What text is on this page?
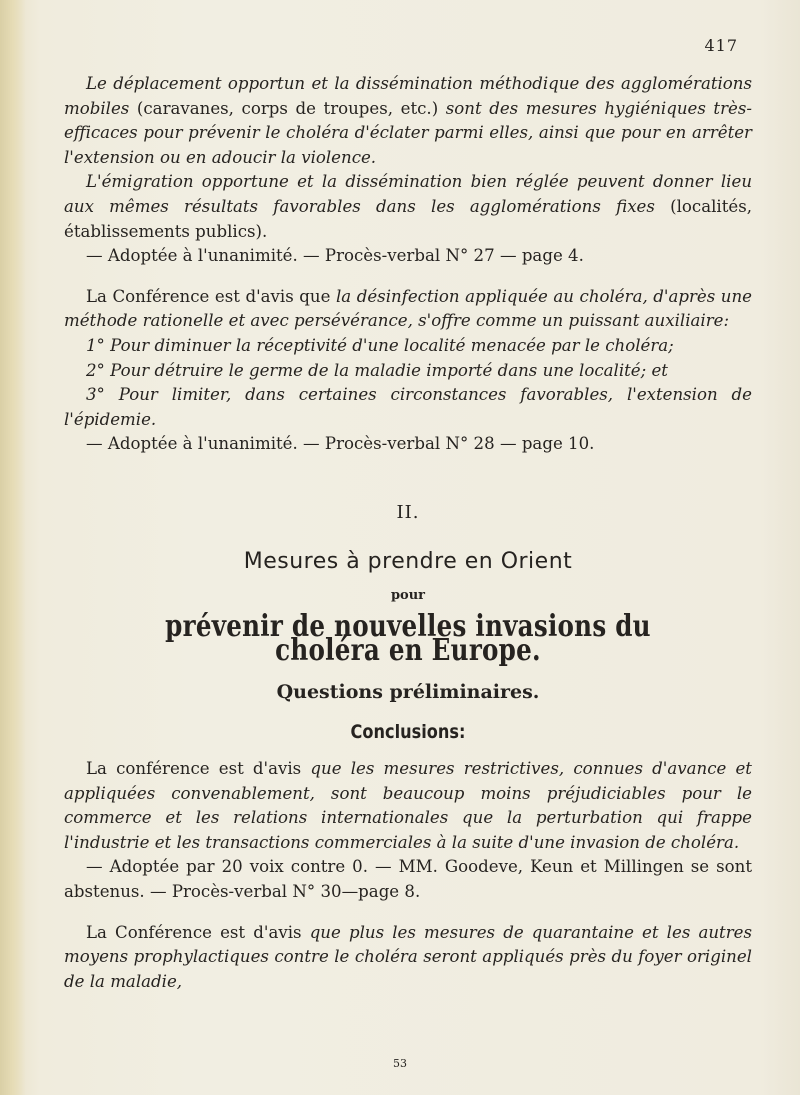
417

Le déplacement opportun et la dissémination méthodique des agglomérations mobiles (caravanes, corps de troupes, etc.) sont des mesures hygiéniques très-efficaces pour prévenir le choléra d'éclater parmi elles, ainsi que pour en arrêter l'extension ou en adoucir la violence.

L'émigration opportune et la dissémination bien réglée peuvent donner lieu aux mêmes résultats favorables dans les agglomérations fixes (localités, établissements publics).

— Adoptée à l'unanimité. — Procès-verbal N° 27 — page 4.

La Conférence est d'avis que la désinfection appliquée au choléra, d'après une méthode rationelle et avec persévérance, s'offre comme un puissant auxiliaire:

1° Pour diminuer la réceptivité d'une localité menacée par le choléra;

2° Pour détruire le germe de la maladie importé dans une localité; et

3° Pour limiter, dans certaines circonstances favorables, l'extension de l'épidemie.

— Adoptée à l'unanimité. — Procès-verbal N° 28 — page 10.

II.
Mesures à prendre en Orient
pour
prévenir de nouvelles invasions du choléra en Europe.
Questions préliminaires.
Conclusions:

La conférence est d'avis que les mesures restrictives, connues d'avance et appliquées convenablement, sont beaucoup moins préjudiciables pour le commerce et les relations internationales que la perturbation qui frappe l'industrie et les transactions commerciales à la suite d'une invasion de choléra.

— Adoptée par 20 voix contre 0. — MM. Goodeve, Keun et Millingen se sont abstenus. — Procès-verbal N° 30—page 8.

La Conférence est d'avis que plus les mesures de quarantaine et les autres moyens prophylactiques contre le choléra seront appliqués près du foyer originel de la maladie,

53
